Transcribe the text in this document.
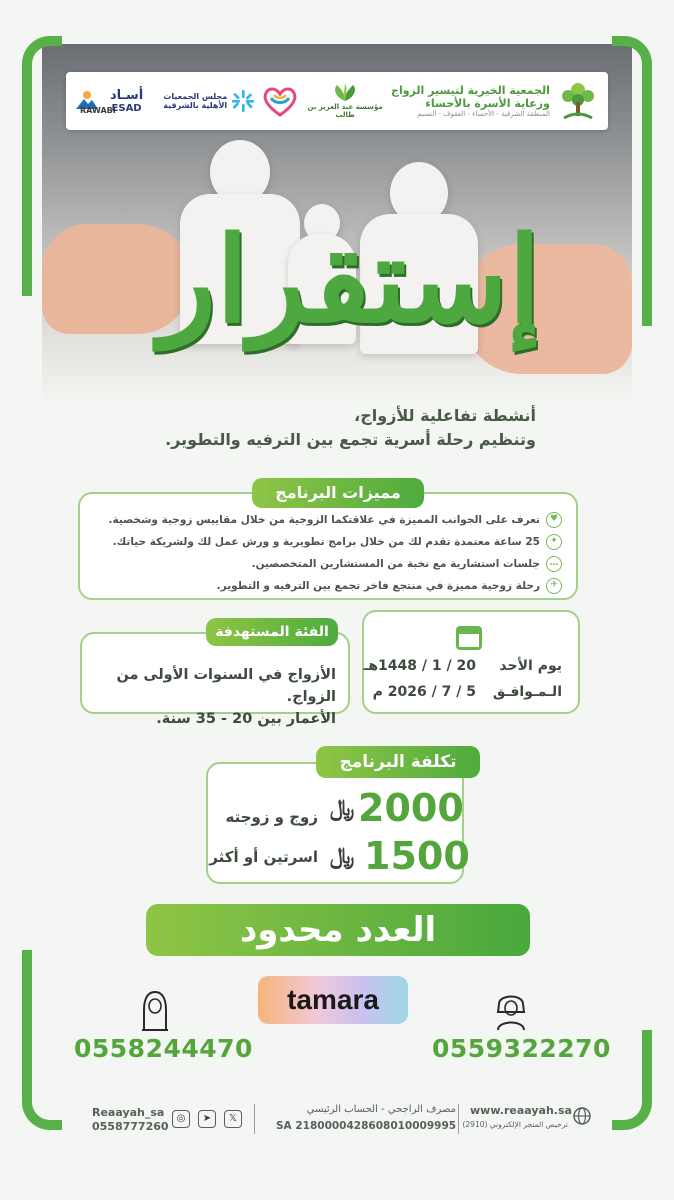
RAWABI
أسـاد
ESAD
مجلس الجمعيات الأهلية بالشرقية	مؤسسة عبد العزيز بن طالب
الجمعية الخيرية لتيسير الزواج
ورعاية الأسرة بالأحساء
المنطقة الشرقية - الأحساء - العقوف - النسيم
إستقرار
أنشطة تفاعلية للأزواج،
وتنظيم رحلة أسرية تجمع بين الترفيه والتطوير.
♥
تعرف على الجوانب المميزة في علاقتكما الزوجية من خلال مقاييس زوجية وشخصية.
✦
25 ساعة معتمدة تقدم لك من خلال برامج تطويرية و ورش عمل لك ولشريكة حياتك.
…
جلسات استشارية مع نخبة من المستشارين المتخصصين.
✈
رحلة زوجية مميزة في منتجع فاخر تجمع بين الترفيه و التطوير.
مميزات البرنامج
الفئة المستهدفة
الأزواج في السنوات الأولى من الزواج.
الأعمار بين 20 - 35 سنة.
يوم الأحد
20 / 1 / 1448هـ
الـمـوافـق
5 / 7 / 2026 م
تكلفة البرنامج
2000
﷼
زوج و زوجته
1500
﷼
اسرتين أو أكثر
العدد محدود
tamara
0558244470	0559322270
Reaayah_sa
0558777260
◎	➤	𝕏
مصرف الراجحي - الحساب الرئيسي
SA 2180000428608010009995
www.reaayah.sa
ترخيص المتجر الإلكتروني (2910)
